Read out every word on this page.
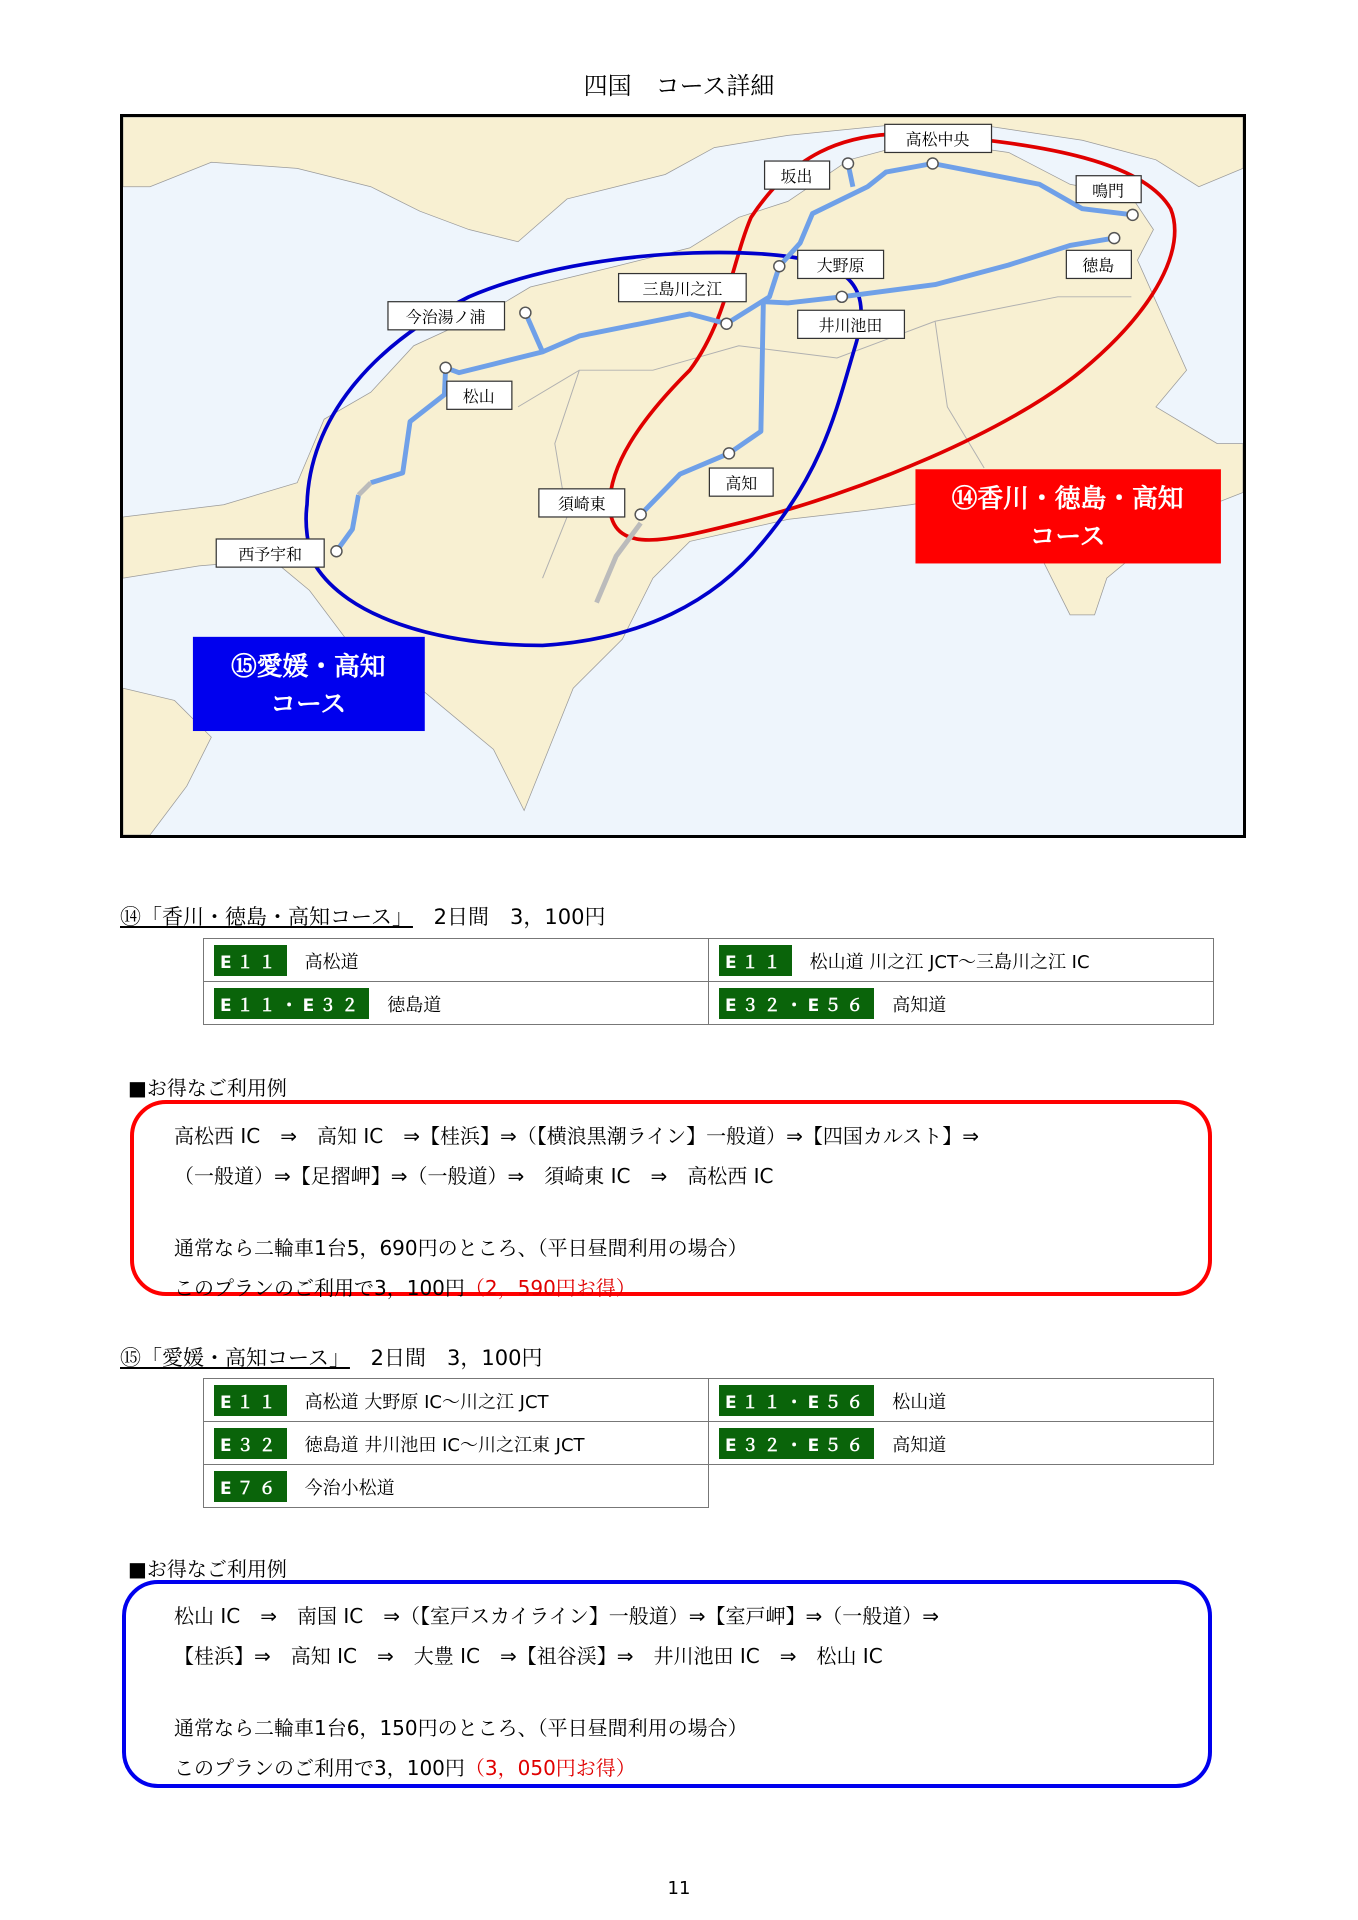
四国　コース詳細
高松中央
坂出
鳴門
徳島
大野原
三島川之江
井川池田
今治湯ノ浦
松山
高知
須崎東
西予宇和
⑭香川・徳島・高知
コース
⑮愛媛・高知
コース
⑭「香川・徳島・高知コース」 2日間　3，100円
E１１ 高松道	E１１ 松山道 川之江 JCT～三島川之江 IC
E１１・E３２ 徳島道	E３２・E５６ 高知道
■お得なご利用例

高松西 IC　⇒　高知 IC　⇒【桂浜】⇒（【横浪黒潮ライン】一般道）⇒【四国カルスト】⇒

（一般道）⇒【足摺岬】⇒（一般道）⇒　須崎東 IC　⇒　高松西 IC

通常なら二輪車1台5，690円のところ、（平日昼間利用の場合）

このプランのご利用で3，100円（2，590円お得）

⑮「愛媛・高知コース」 2日間　3，100円
E１１ 高松道 大野原 IC～川之江 JCT	E１１・E５６ 松山道
E３２ 徳島道 井川池田 IC～川之江東 JCT	E３２・E５６ 高知道
E７６ 今治小松道	
■お得なご利用例

松山 IC　⇒　南国 IC　⇒（【室戸スカイライン】一般道）⇒【室戸岬】⇒（一般道）⇒

【桂浜】⇒　高知 IC　⇒　大豊 IC　⇒【祖谷渓】⇒　井川池田 IC　⇒　松山 IC

通常なら二輪車1台6，150円のところ、（平日昼間利用の場合）

このプランのご利用で3，100円（3，050円お得）

11
